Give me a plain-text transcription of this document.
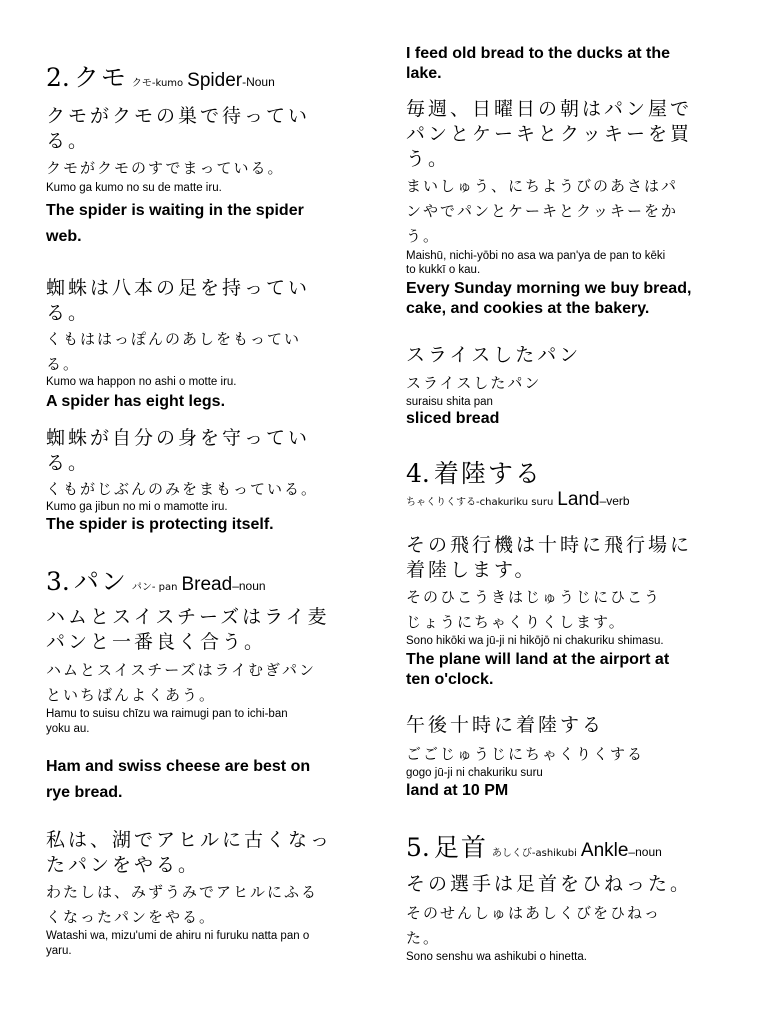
2. クモ クモ-kumo Spider-Noun
クモがクモの巣で待ってい
る。
クモがクモのすでまっている。
Kumo ga kumo no su de matte iru.
The spider is waiting in the spider
web.
蜘蛛は八本の足を持ってい
る。
くもははっぽんのあしをもってい
る。
Kumo wa happon no ashi o motte iru.
A spider has eight legs.
蜘蛛が自分の身を守ってい
る。
くもがじぶんのみをまもっている。
Kumo ga jibun no mi o mamotte iru.
The spider is protecting itself.
3. パン パン- pan Bread–noun
ハムとスイスチーズはライ麦
パンと一番良く合う。
ハムとスイスチーズはライむぎパン
といちばんよくあう。
Hamu to suisu chīzu wa raimugi pan to ichi-ban
yoku au.
Ham and swiss cheese are best on
rye bread.
私は、湖でアヒルに古くなっ
たパンをやる。
わたしは、みずうみでアヒルにふる
くなったパンをやる。
Watashi wa, mizu'umi de ahiru ni furuku natta pan o
yaru.
I feed old bread to the ducks at the
lake.
毎週、日曜日の朝はパン屋で
パンとケーキとクッキーを買
う。
まいしゅう、にちようびのあさはパ
ンやでパンとケーキとクッキーをか
う。
Maishū, nichi-yōbi no asa wa pan'ya de pan to kēki
to kukkī o kau.
Every Sunday morning we buy bread,
cake, and cookies at the bakery.
スライスしたパン
スライスしたパン
suraisu shita pan
sliced bread
4. 着陸する
ちゃくりくする-chakuriku suru Land–verb
その飛行機は十時に飛行場に
着陸します。
そのひこうきはじゅうじにひこう
じょうにちゃくりくします。
Sono hikōki wa jū-ji ni hikōjō ni chakuriku shimasu.
The plane will land at the airport at
ten o'clock.
午後十時に着陸する
ごごじゅうじにちゃくりくする
gogo jū-ji ni chakuriku suru
land at 10 PM
5. 足首 あしくび-ashikubi Ankle–noun
その選手は足首をひねった。
そのせんしゅはあしくびをひねっ
た。
Sono senshu wa ashikubi o hinetta.
